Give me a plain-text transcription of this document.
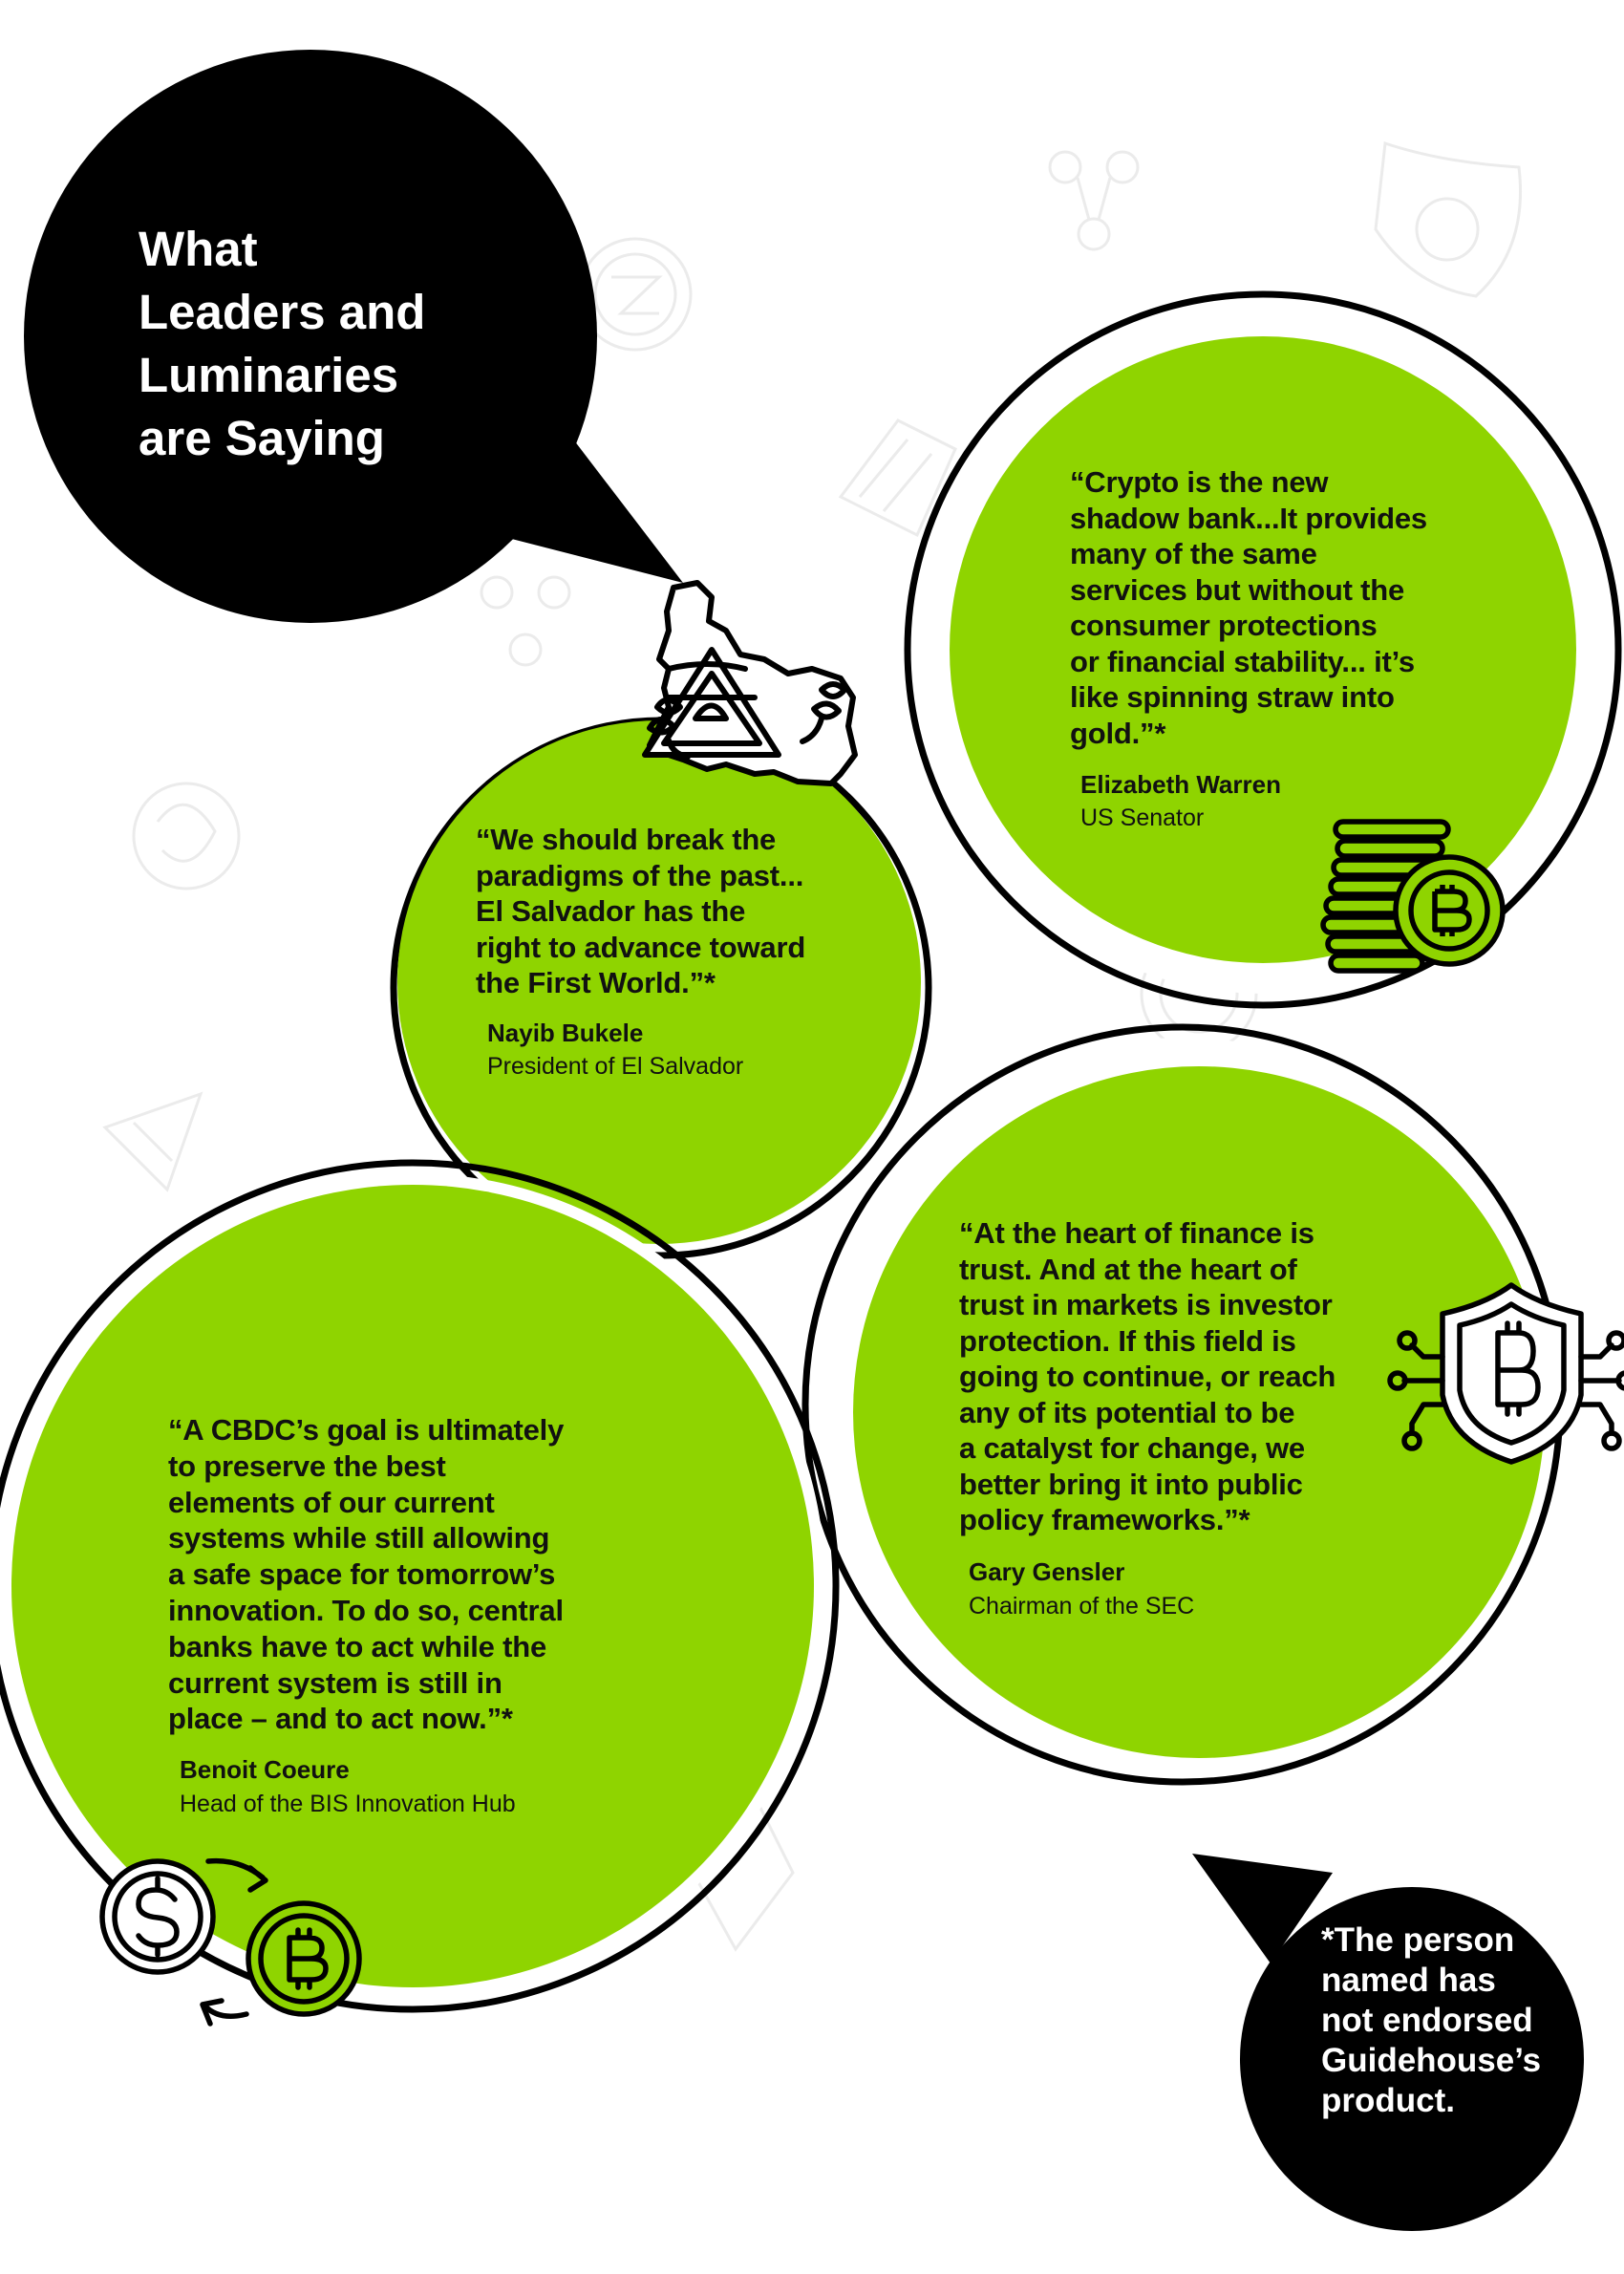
What
Leaders and
Luminaries
are Saying
“We should break the
paradigms of the past...
El Salvador has the
right to advance toward
the First World.”*
Nayib Bukele
President of El Salvador
“Crypto is the new
shadow bank...It provides
many of the same
services but without the
consumer protections
or financial stability... it’s
like spinning straw into
gold.”*
Elizabeth Warren
US Senator
“At the heart of finance is
trust. And at the heart of
trust in markets is investor
protection. If this field is
going to continue, or reach
any of its potential to be
a catalyst for change, we
better bring it into public
policy frameworks.”*
Gary Gensler
Chairman of the SEC
“A CBDC’s goal is ultimately
to preserve the best
elements of our current
systems while still allowing
a safe space for tomorrow’s
innovation. To do so, central
banks have to act while the
current system is still in
place – and to act now.”*
Benoit Coeure
Head of the BIS Innovation Hub
*The person
named has
not endorsed
Guidehouse’s
product.
